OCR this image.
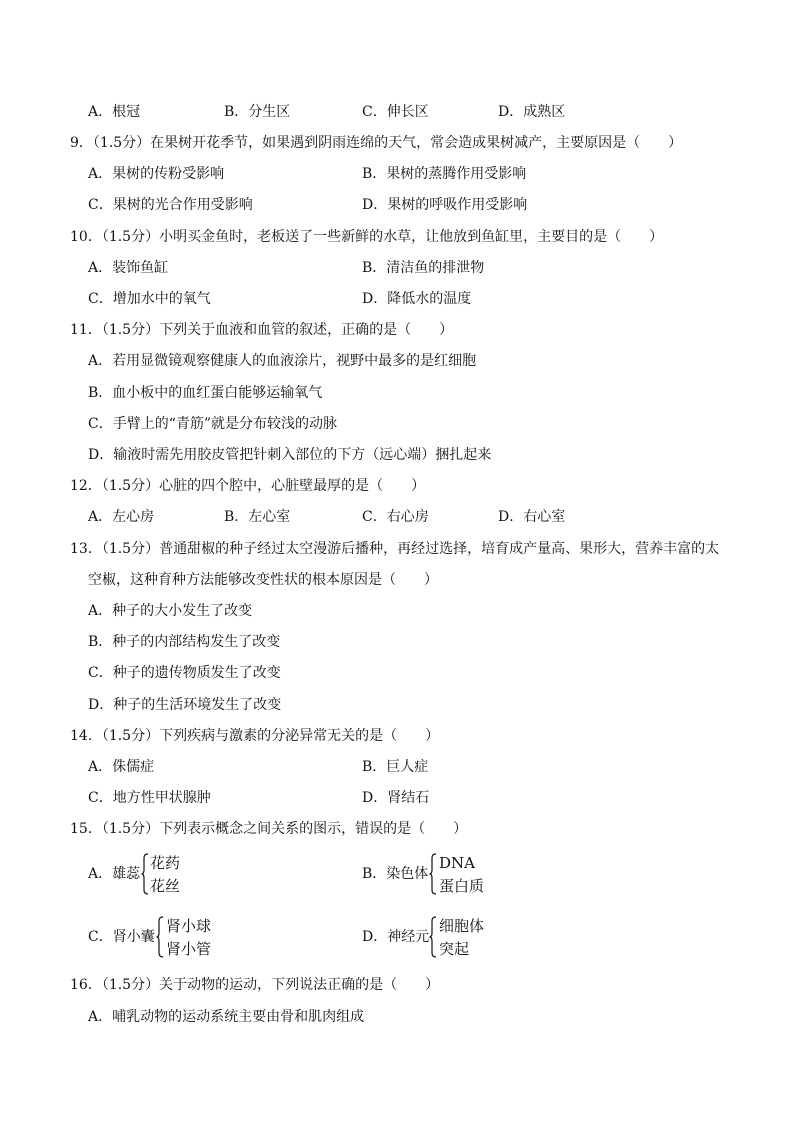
A．根冠	B．分生区	C．伸长区	D．成熟区
9．（1.5分）在果树开花季节，如果遇到阴雨连绵的天气，常会造成果树减产，主要原因是（　　）
A．果树的传粉受影响	B．果树的蒸腾作用受影响
C．果树的光合作用受影响	D．果树的呼吸作用受影响
10．（1.5分）小明买金鱼时，老板送了一些新鲜的水草，让他放到鱼缸里，主要目的是（　　）
A．装饰鱼缸	B．清洁鱼的排泄物
C．增加水中的氧气	D．降低水的温度
11．（1.5分）下列关于血液和血管的叙述，正确的是（　　）
A．若用显微镜观察健康人的血液涂片，视野中最多的是红细胞
B．血小板中的血红蛋白能够运输氧气
C．手臂上的“青筋”就是分布较浅的动脉
D．输液时需先用胶皮管把针刺入部位的下方（远心端）捆扎起来
12．（1.5分）心脏的四个腔中，心脏壁最厚的是（　　）
A．左心房	B．左心室	C．右心房	D．右心室
13．（1.5分）普通甜椒的种子经过太空漫游后播种，再经过选择，培育成产量高、果形大，营养丰富的太
空椒，这种育种方法能够改变性状的根本原因是（　　）
A．种子的大小发生了改变
B．种子的内部结构发生了改变
C．种子的遗传物质发生了改变
D．种子的生活环境发生了改变
14．（1.5分）下列疾病与激素的分泌异常无关的是（　　）
A．侏儒症	B．巨人症
C．地方性甲状腺肿	D．肾结石
15．（1.5分）下列表示概念之间关系的图示，错误的是（　　）
A．雄蕊
花药
花丝
B．染色体
DNA
蛋白质
C．肾小囊
肾小球
肾小管
D．神经元
细胞体
突起
16．（1.5分）关于动物的运动，下列说法正确的是（　　）
A．哺乳动物的运动系统主要由骨和肌肉组成
